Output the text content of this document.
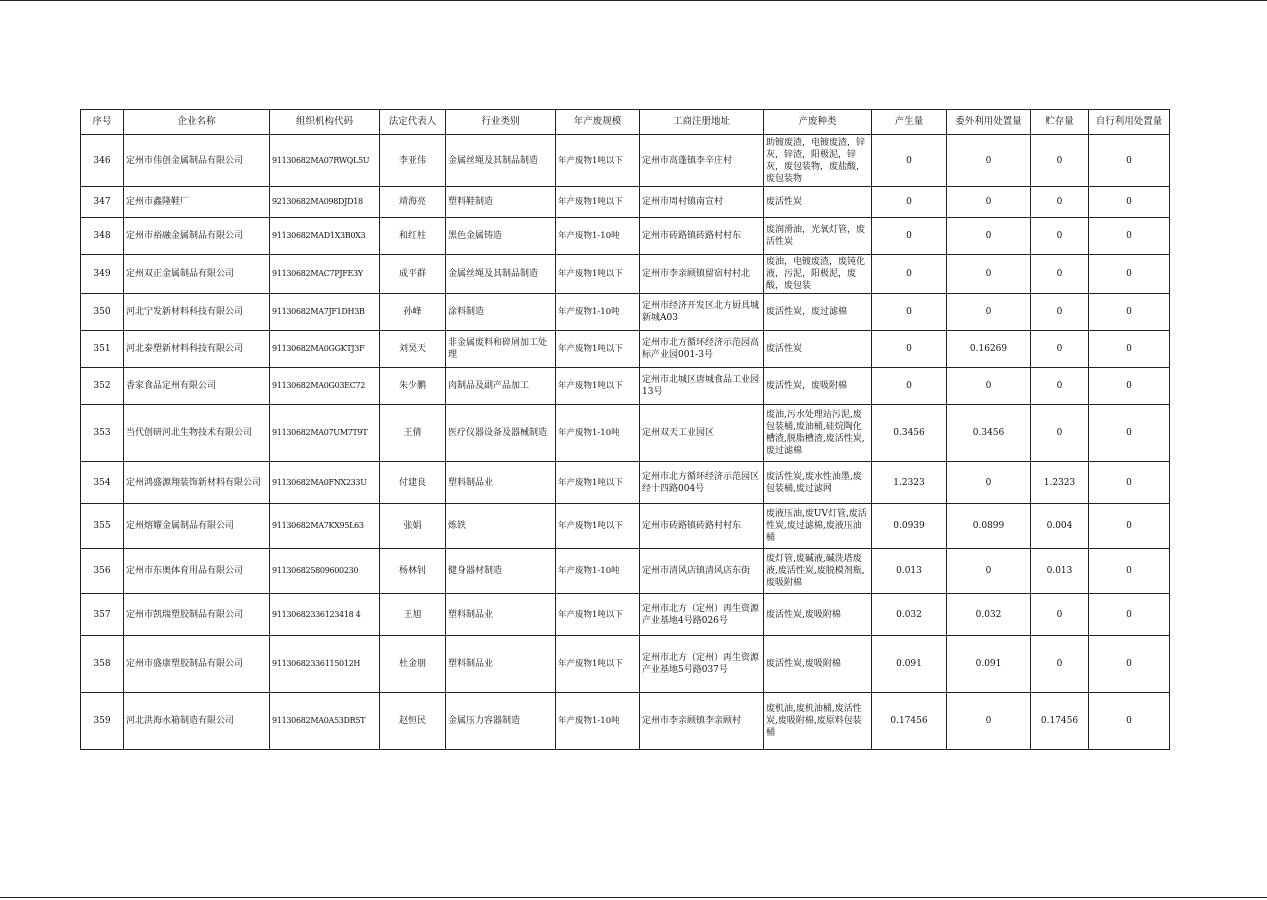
序号	企业名称	组织机构代码	法定代表人	行业类别	年产废规模	工商注册地址	产废种类	产生量	委外利用处置量	贮存量	自行利用处置量
346	定州市伟创金属制品有限公司	91130682MA07RWQL5U	李亚伟	金属丝绳及其制品制造	年产废物1吨以下	定州市高蓬镇李辛庄村	助镀废渣，电镀废渣，锌灰，锌渣，阳极泥，锌灰，废包装物，废盐酸，废包装物	0	0	0	0
347	定州市鑫隆鞋厂	92130682MA098DJD18	靖海亮	塑料鞋制造	年产废物1吨以下	定州市周村镇南宣村	废活性炭	0	0	0	0
348	定州市裕融金属制品有限公司	91130682MAD1X3B0X3	和红柱	黑色金属铸造	年产废物1-10吨	定州市砖路镇砖路村村东	废润滑油，光氧灯管，废活性炭	0	0	0	0
349	定州双正金属制品有限公司	91130682MAC7PJFE3Y	成平群	金属丝绳及其制品制造	年产废物1吨以下	定州市李亲顾镇留宿村村北	废油，电镀废渣，废钝化液，污泥，阳极泥，废酸，废包装	0	0	0	0
350	河北宁发新材料科技有限公司	91130682MA7JF1DH3B	孙峰	涂料制造	年产废物1-10吨	定州市经济开发区北方厨具城新城A03	废活性炭，废过滤棉	0	0	0	0
351	河北泰塑新材料科技有限公司	91130682MA0GGKTJ3F	刘昊天	非金属废料和碎屑加工处理	年产废物1吨以下	定州市北方循环经济示范园高标产业园001-3号	废活性炭	0	0.16269	0	0
352	香家食品定州有限公司	91130682MA0G03EC72	朱少鹏	肉制品及副产品加工	年产废物1吨以下	定州市北城区唐城食品工业园13号	废活性炭，废吸附棉	0	0	0	0
353	当代创研河北生物技术有限公司	91130682MA07UM7T9T	王倩	医疗仪器设备及器械制造	年产废物1-10吨	定州双天工业园区	废油,污水处理站污泥,废包装桶,废油桶,硅烷陶化槽渣,脱脂槽渣,废活性炭,废过滤棉	0.3456	0.3456	0	0
354	定州鸿盛源翔装饰新材料有限公司	91130682MA0FNX233U	付建良	塑料制品业	年产废物1吨以下	定州市北方循环经济示范园区经十四路004号	废活性炭,废水性油墨,废包装桶,废过滤网	1.2323	0	1.2323	0
355	定州熔耀金属制品有限公司	91130682MA7KX95L63	张娟	炼铁	年产废物1吨以下	定州市砖路镇砖路村村东	废液压油,废UV灯管,废活性炭,废过滤棉,废液压油桶	0.0939	0.0899	0.004	0
356	定州市东奥体育用品有限公司	911306825809600230	杨林钊	健身器材制造	年产废物1-10吨	定州市清风店镇清风店东街	废灯管,废碱液,碱洗塔废液,废活性炭,废脱模剂瓶,废吸附棉	0.013	0	0.013	0
357	定州市凯瑞塑胶制品有限公司	91130682336123418 4	王旭	塑料制品业	年产废物1吨以下	定州市北方（定州）再生资源产业基地4号路026号	废活性炭,废吸附棉	0.032	0.032	0	0
358	定州市盛康塑胶制品有限公司	91130682336115012H	杜金朋	塑料制品业	年产废物1吨以下	定州市北方（定州）再生资源产业基地5号路037号	废活性炭,废吸附棉	0.091	0.091	0	0
359	河北洪海水箱制造有限公司	91130682MA0A53DR5T	赵恒民	金属压力容器制造	年产废物1-10吨	定州市李亲顾镇李亲顾村	废机油,废机油桶,废活性炭,废吸附棉,废原料包装桶	0.17456	0	0.17456	0
